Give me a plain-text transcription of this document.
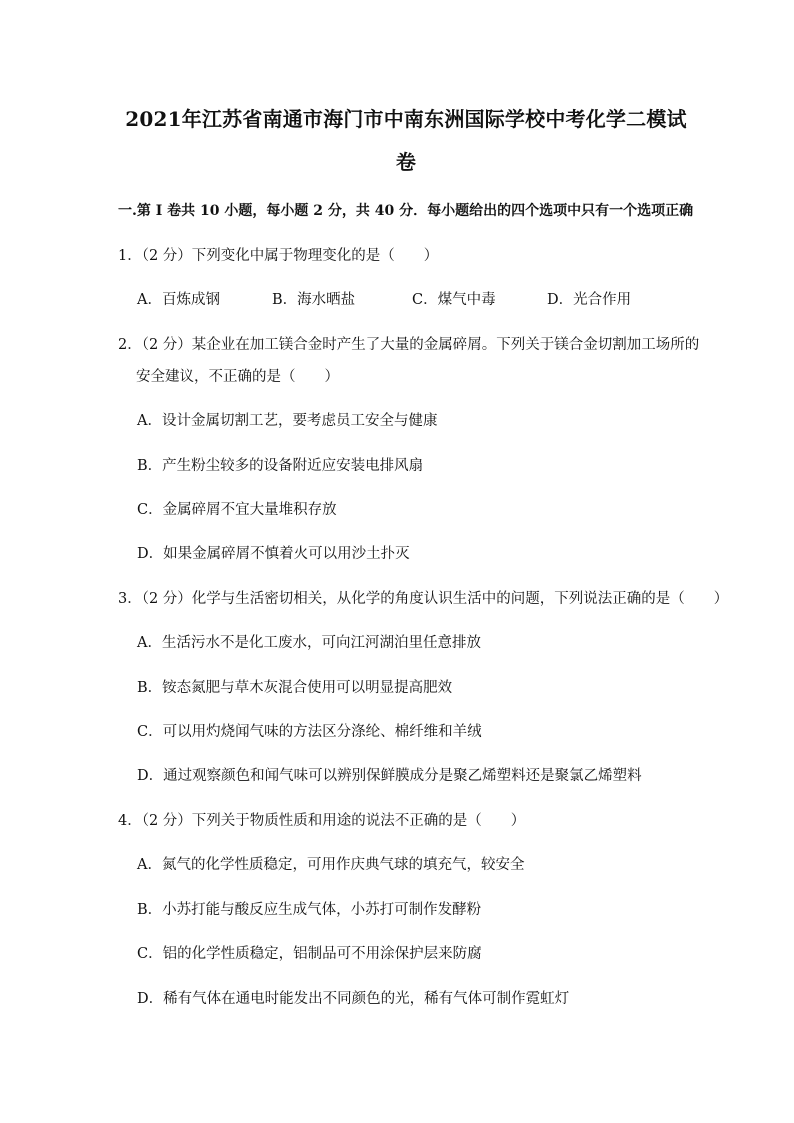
2021年江苏省南通市海门市中南东洲国际学校中考化学二模试
卷
一.第 I 卷共 10 小题，每小题 2 分，共 40 分．每小题给出的四个选项中只有一个选项正确
1．（2 分）下列变化中属于物理变化的是（　　）
A．百炼成钢	B．海水晒盐	C．煤气中毒	D．光合作用
2．（2 分）某企业在加工镁合金时产生了大量的金属碎屑。下列关于镁合金切割加工场所的
安全建议，不正确的是（　　）
A．设计金属切割工艺，要考虑员工安全与健康
B．产生粉尘较多的设备附近应安装电排风扇
C．金属碎屑不宜大量堆积存放
D．如果金属碎屑不慎着火可以用沙土扑灭
3．（2 分）化学与生活密切相关，从化学的角度认识生活中的问题，下列说法正确的是（　　）
A．生活污水不是化工废水，可向江河湖泊里任意排放
B．铵态氮肥与草木灰混合使用可以明显提高肥效
C．可以用灼烧闻气味的方法区分涤纶、棉纤维和羊绒
D．通过观察颜色和闻气味可以辨别保鲜膜成分是聚乙烯塑料还是聚氯乙烯塑料
4．（2 分）下列关于物质性质和用途的说法不正确的是（　　）
A．氮气的化学性质稳定，可用作庆典气球的填充气，较安全
B．小苏打能与酸反应生成气体，小苏打可制作发酵粉
C．铝的化学性质稳定，铝制品可不用涂保护层来防腐
D．稀有气体在通电时能发出不同颜色的光，稀有气体可制作霓虹灯
